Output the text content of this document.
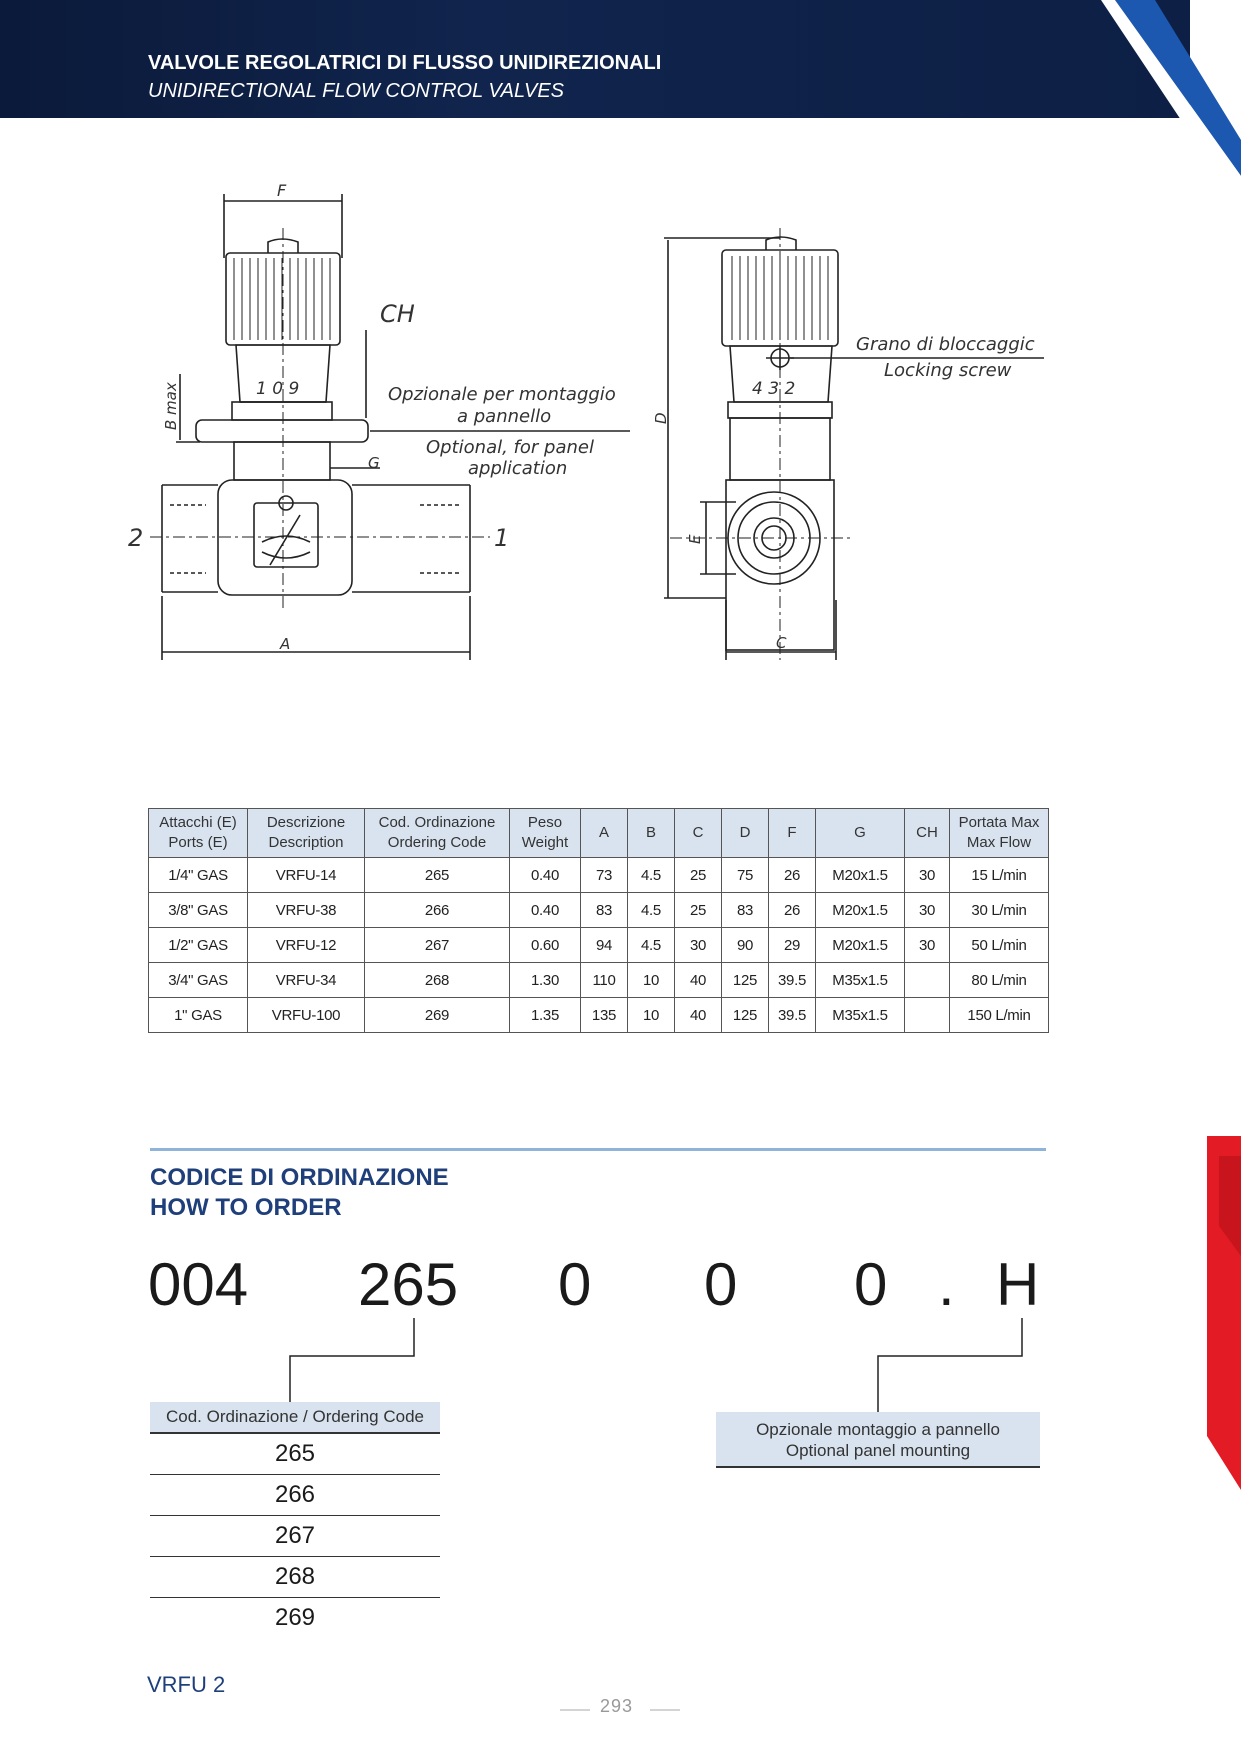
VALVOLE REGOLATRICI DI FLUSSO UNIDIREZIONALI
UNIDIRECTIONAL FLOW CONTROL VALVES
F
CH
B max
G
A
2	1
1 0 9	Opzionale per montaggio
a pannello
Optional, for panel
application
D
E
C
4 3 2
Grano di bloccaggic
Locking screw
Attacchi (E)
Ports (E)	Descrizione
Description	Cod. Ordinazione
Ordering Code	Peso
Weight	A	B	C	D	F	G	CH	Portata Max
Max Flow
1/4" GAS	VRFU-14	265	0.40	73	4.5	25	75	26	M20x1.5	30	15 L/min
3/8" GAS	VRFU-38	266	0.40	83	4.5	25	83	26	M20x1.5	30	30 L/min
1/2" GAS	VRFU-12	267	0.60	94	4.5	30	90	29	M20x1.5	30	50 L/min
3/4" GAS	VRFU-34	268	1.30	110	10	40	125	39.5	M35x1.5		80 L/min
1" GAS	VRFU-100	269	1.35	135	10	40	125	39.5	M35x1.5		150 L/min
CODICE DI ORDINAZIONE
HOW TO ORDER
004 265 0 0 0 . H
Cod. Ordinazione / Ordering Code
265
266
267
268
269
Opzionale montaggio a pannello
Optional panel mounting
VRFU 2
293
